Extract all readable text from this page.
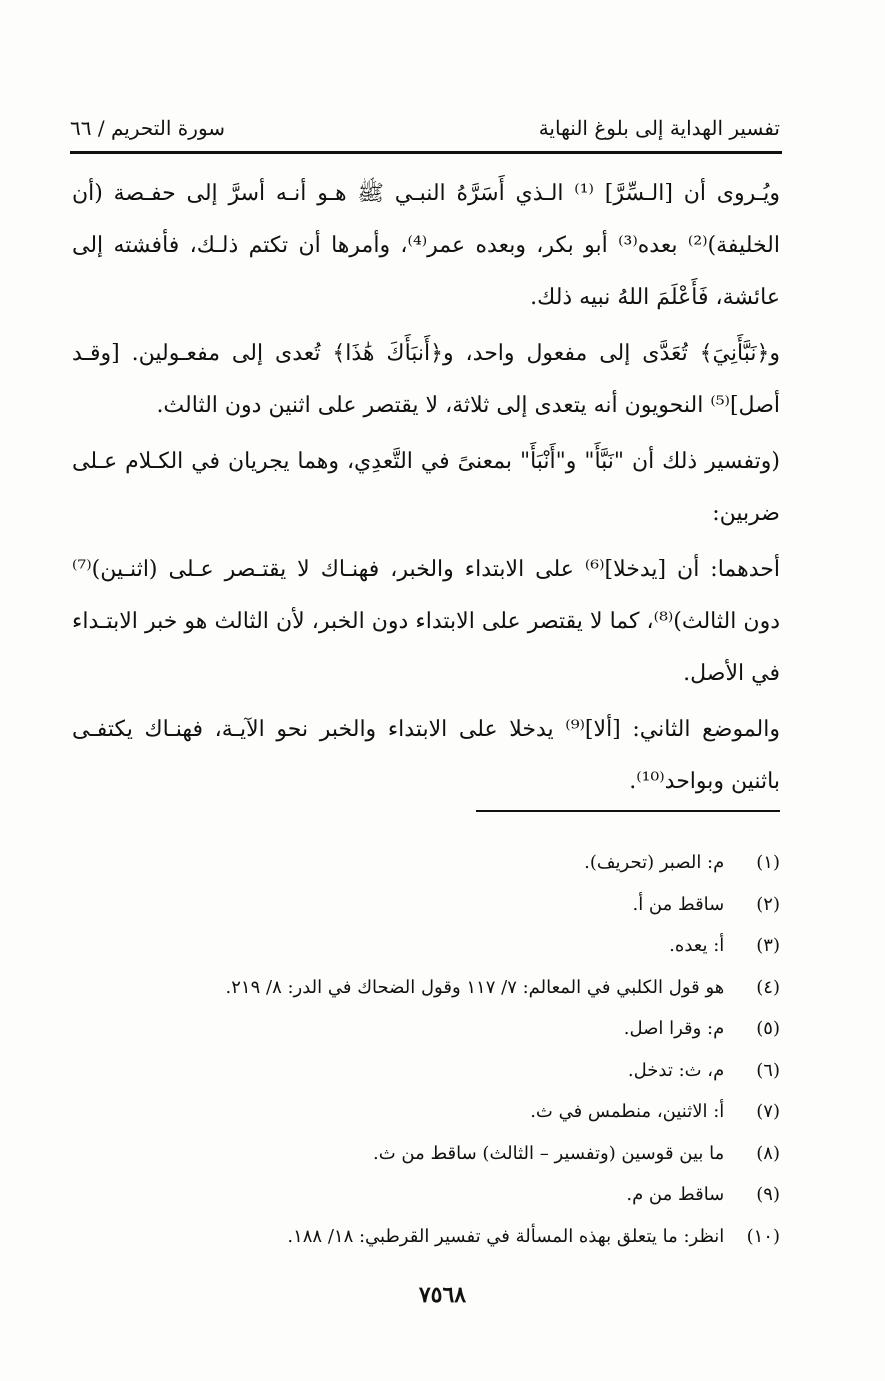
تفسير الهداية إلى بلوغ النهاية
سورة التحريم / ٦٦

ويُـروى أن [الـسِّرَّ] ⁽¹⁾ الـذي أَسَرَّهُ النبـي ﷺ هـو أنـه أسرَّ إلى حفـصة (أن الخليفة)⁽²⁾ بعده⁽³⁾ أبو بكر، وبعده عمر⁽⁴⁾، وأمرها أن تكتم ذلـك، فأفشته إلى عائشة، فَأَعْلَمَ اللهُ نبيه ذلك.

و﴿نَبَّأَنِيَ﴾ تُعَدَّى إلى مفعول واحد، و﴿أَنبَأَكَ هَٰذَا﴾ تُعدى إلى مفعـولين. [وقـد أصل]⁽⁵⁾ النحويون أنه يتعدى إلى ثلاثة، لا يقتصر على اثنين دون الثالث.

(وتفسير ذلك أن "نَبَّأَ" و"أَنْبَأَ" بمعنىً في التَّعدِي، وهما يجريان في الكـلام عـلى ضربين:

أحدهما: أن [يدخلا]⁽⁶⁾ على الابتداء والخبر، فهنـاك لا يقتـصر عـلى (اثنـين)⁽⁷⁾ دون الثالث)⁽⁸⁾، كما لا يقتصر على الابتداء دون الخبر، لأن الثالث هو خبر الابتـداء في الأصل.

والموضع الثاني: [ألا]⁽⁹⁾ يدخلا على الابتداء والخبر نحو الآيـة، فهنـاك يكتفـى باثنين وبواحد⁽¹⁰⁾.

(١) م: الصبر (تحريف).
(٢) ساقط من أ.
(٣) أ: يعده.
(٤) هو قول الكلبي في المعالم: ٧/ ١١٧ وقول الضحاك في الدر: ٨/ ٢١٩.
(٥) م: وقرا اصل.
(٦) م، ث: تدخل.
(٧) أ: الاثنين، منطمس في ث.
(٨) ما بين قوسين (وتفسير – الثالث) ساقط من ث.
(٩) ساقط من م.
(١٠) انظر: ما يتعلق بهذه المسألة في تفسير القرطبي: ١٨/ ١٨٨.
٧٥٦٨
